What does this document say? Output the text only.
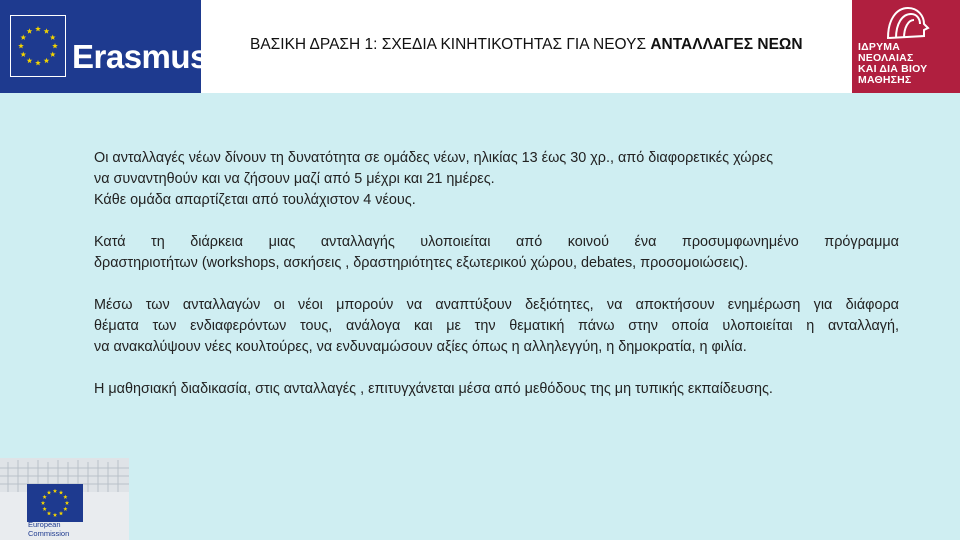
Erasmus+ ΒΑΣΙΚΗ ΔΡΑΣΗ 1: ΣΧΕΔΙΑ ΚΙΝΗΤΙΚΟΤΗΤΑΣ ΓΙΑ ΝΕΟΥΣ ΑΝΤΑΛΛΑΓΕΣ ΝΕΩΝ	ΙΔΡΥΜΑ
ΝΕΟΛΑΙΑΣ
ΚΑΙ ΔΙΑ ΒΙΟΥ
ΜΑΘΗΣΗΣ
Οι ανταλλαγές νέων δίνουν τη δυνατότητα σε ομάδες νέων, ηλικίας 13 έως 30 χρ., από διαφορετικές χώρες
να συναντηθούν και να ζήσουν μαζί από 5 μέχρι και 21 ημέρες.
Κάθε ομάδα απαρτίζεται από τουλάχιστον 4 νέους.
Κατά τη διάρκεια μιας ανταλλαγής υλοποιείται από κοινού ένα προσυμφωνημένο πρόγραμμα
δραστηριοτήτων (workshops, ασκήσεις , δραστηριότητες εξωτερικού χώρου, debates, προσομοιώσεις).
Μέσω των ανταλλαγών οι νέοι μπορούν να αναπτύξουν δεξιότητες, να αποκτήσουν ενημέρωση για διάφορα
θέματα των ενδιαφερόντων τους, ανάλογα και με την θεματική πάνω στην οποία υλοποιείται η ανταλλαγή,
να ανακαλύψουν νέες κουλτούρες, να ενδυναμώσουν αξίες όπως η αλληλεγγύη, η δημοκρατία, η φιλία.
Η μαθησιακή διαδικασία, στις ανταλλαγές , επιτυγχάνεται μέσα από μεθόδους της μη τυπικής εκπαίδευσης.
European
Commission
